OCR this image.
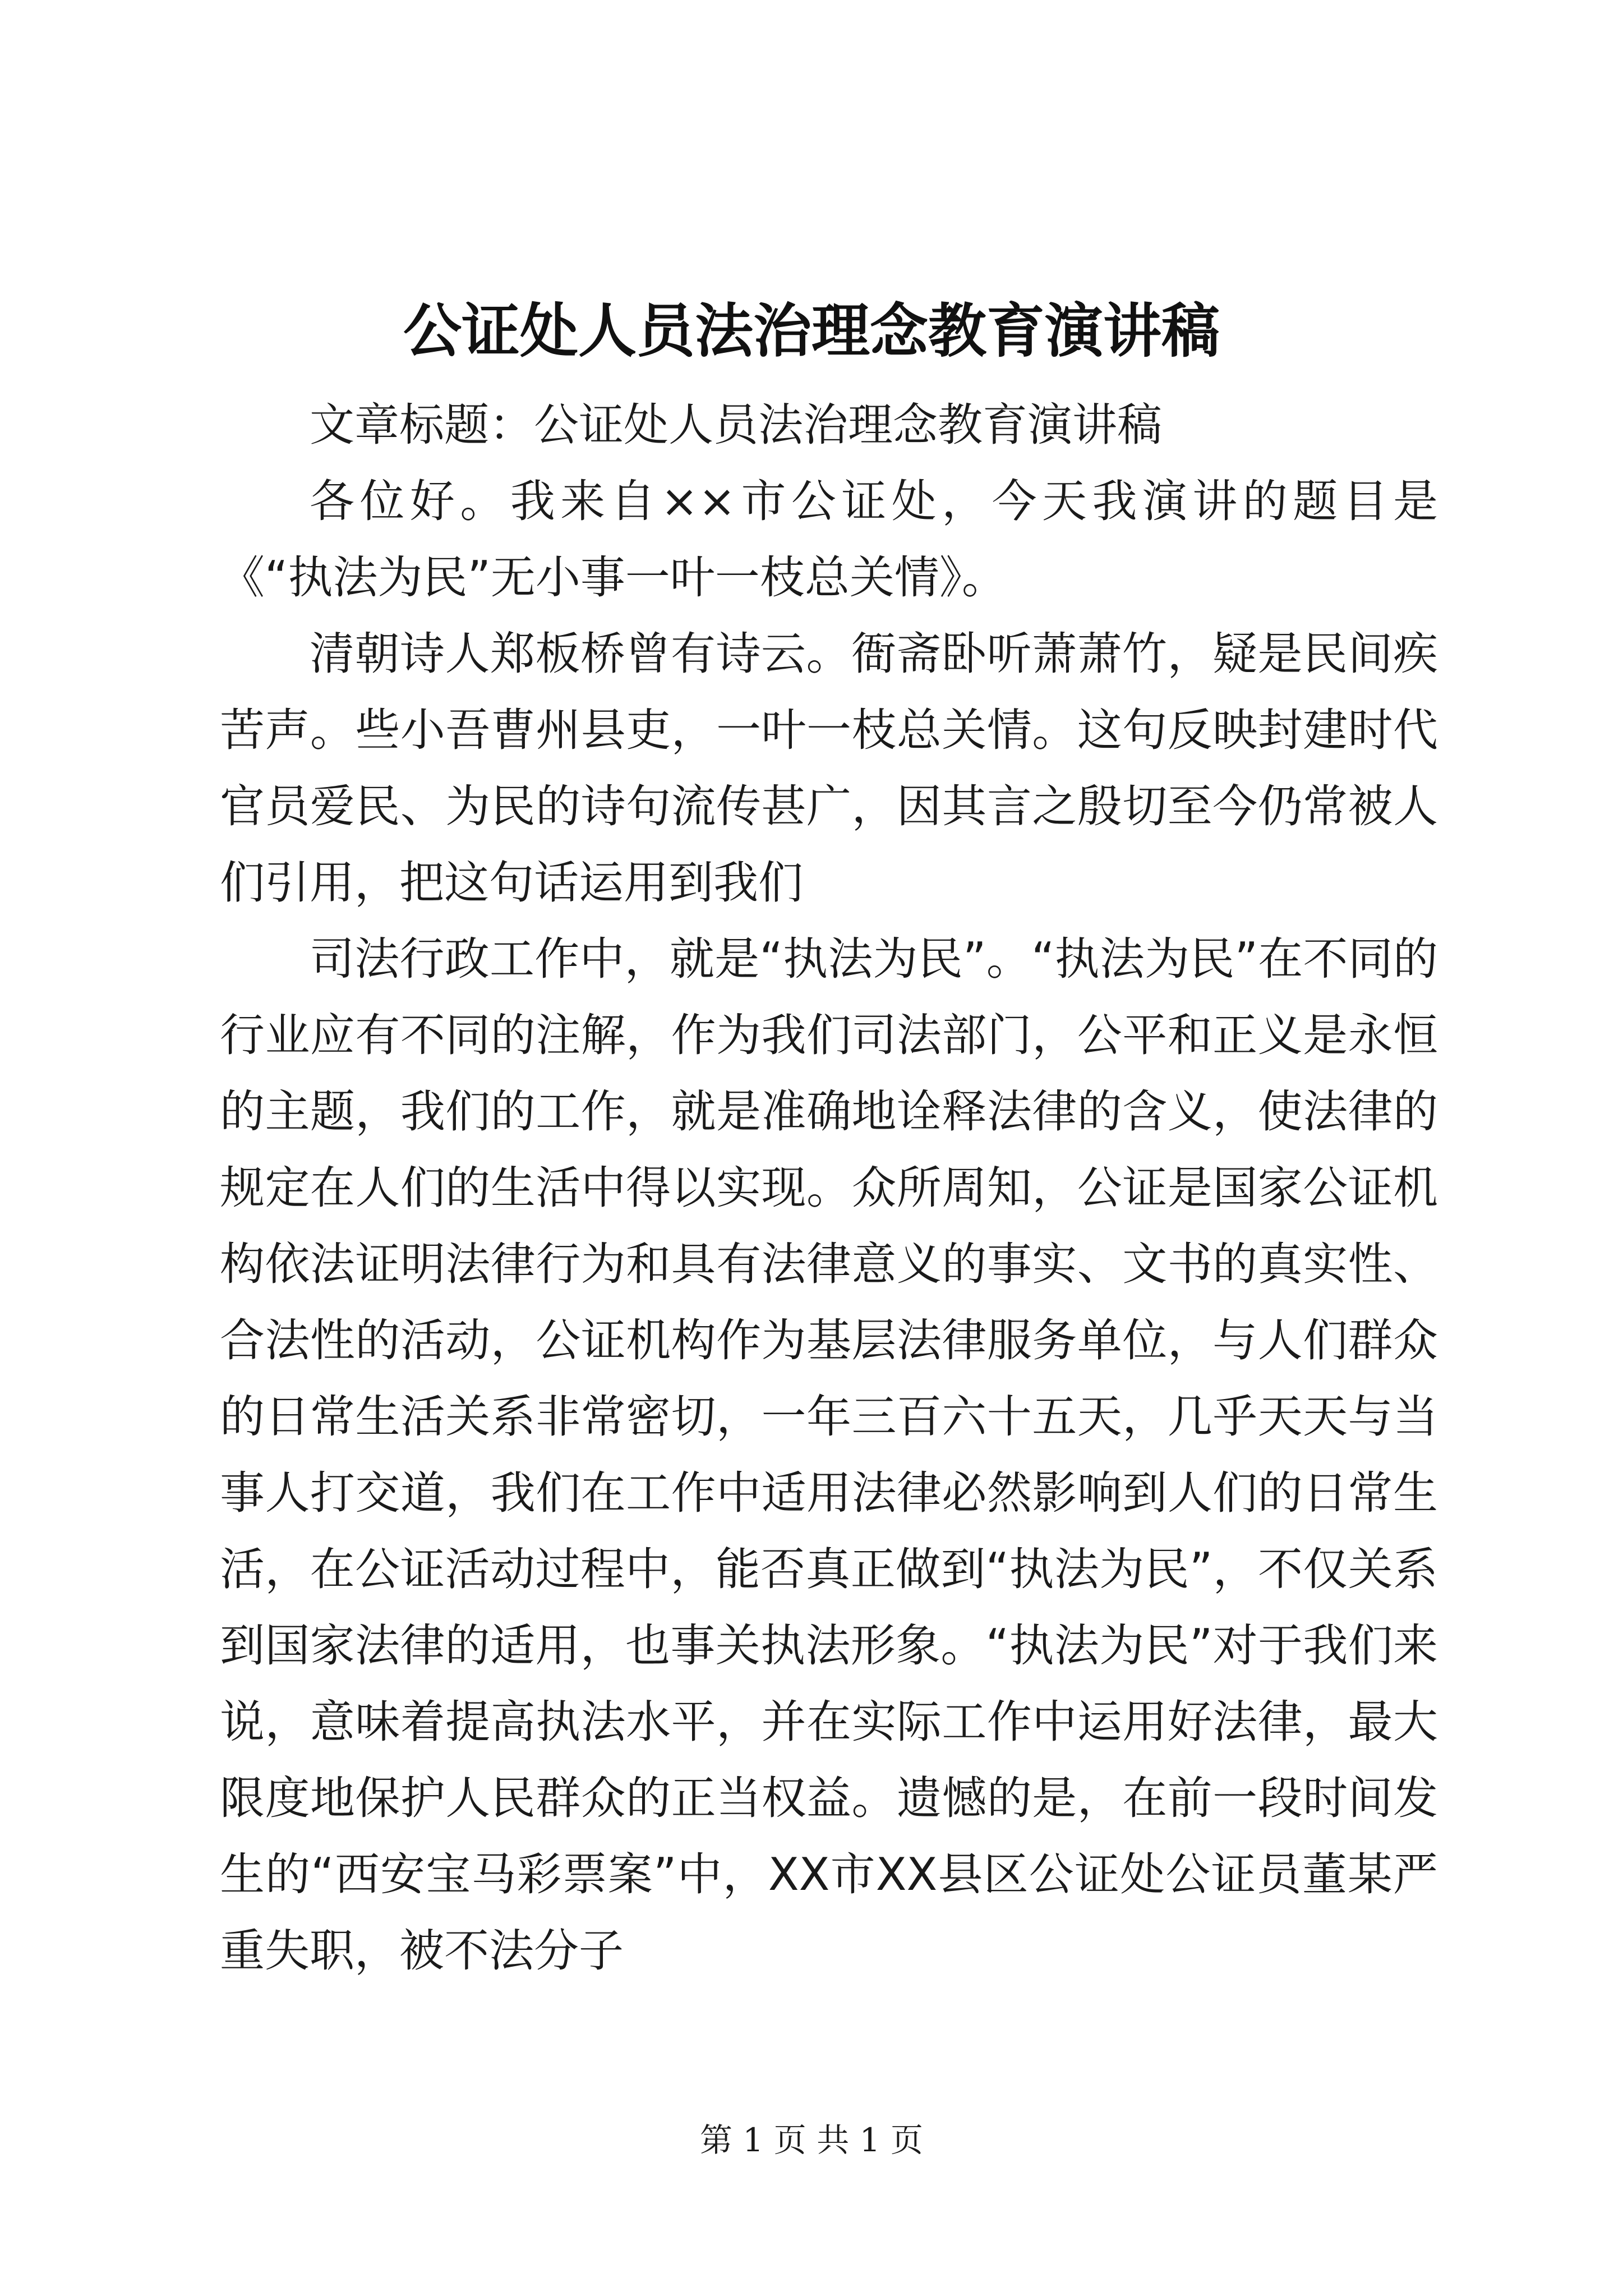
公证处人员法治理念教育演讲稿

文章标题：公证处人员法治理念教育演讲稿

各位好。我来自××市公证处，今天我演讲的题目是《“执法为民”无小事一叶一枝总关情》。

清朝诗人郑板桥曾有诗云。衙斋卧听萧萧竹，疑是民间疾苦声。些小吾曹州县吏，一叶一枝总关情。这句反映封建时代官员爱民、为民的诗句流传甚广，因其言之殷切至今仍常被人们引用，把这句话运用到我们

司法行政工作中，就是“执法为民”。“执法为民”在不同的行业应有不同的注解，作为我们司法部门，公平和正义是永恒的主题，我们的工作，就是准确地诠释法律的含义，使法律的规定在人们的生活中得以实现。众所周知，公证是国家公证机构依法证明法律行为和具有法律意义的事实、文书的真实性、合法性的活动，公证机构作为基层法律服务单位，与人们群众的日常生活关系非常密切，一年三百六十五天，几乎天天与当事人打交道，我们在工作中适用法律必然影响到人们的日常生活，在公证活动过程中，能否真正做到“执法为民”，不仅关系到国家法律的适用，也事关执法形象。“执法为民”对于我们来说，意味着提高执法水平，并在实际工作中运用好法律，最大限度地保护人民群众的正当权益。遗憾的是，在前一段时间发生的“西安宝马彩票案”中，XX市XX县区公证处公证员董某严重失职，被不法分子

第 1 页 共 1 页
